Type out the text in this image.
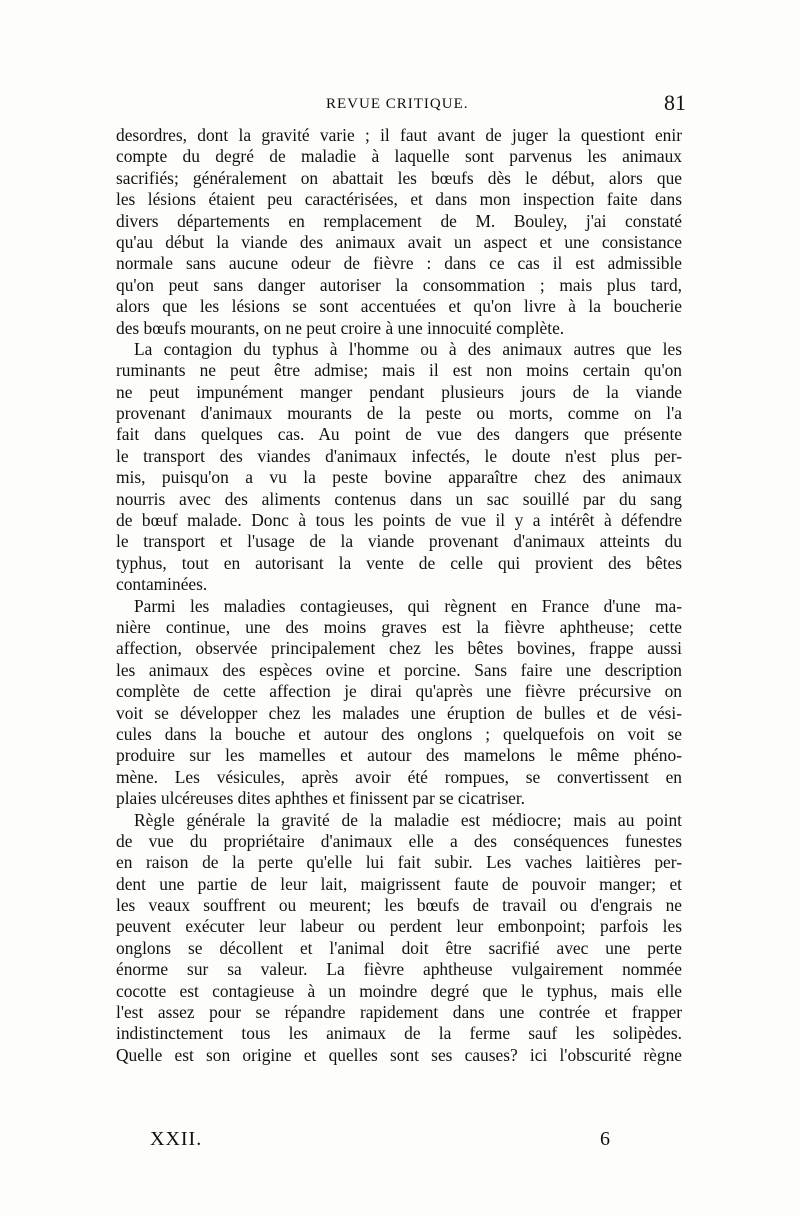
REVUE CRITIQUE.	81
desordres, dont la gravité varie ; il faut avant de juger la questiont enir
compte du degré de maladie à laquelle sont parvenus les animaux
sacrifiés; généralement on abattait les bœufs dès le début, alors que
les lésions étaient peu caractérisées, et dans mon inspection faite dans
divers départements en remplacement de M. Bouley, j'ai constaté
qu'au début la viande des animaux avait un aspect et une consistance
normale sans aucune odeur de fièvre : dans ce cas il est admissible
qu'on peut sans danger autoriser la consommation ; mais plus tard,
alors que les lésions se sont accentuées et qu'on livre à la boucherie
des bœufs mourants, on ne peut croire à une innocuité complète.
La contagion du typhus à l'homme ou à des animaux autres que les
ruminants ne peut être admise; mais il est non moins certain qu'on
ne peut impunément manger pendant plusieurs jours de la viande
provenant d'animaux mourants de la peste ou morts, comme on l'a
fait dans quelques cas. Au point de vue des dangers que présente
le transport des viandes d'animaux infectés, le doute n'est plus per-
mis, puisqu'on a vu la peste bovine apparaître chez des animaux
nourris avec des aliments contenus dans un sac souillé par du sang
de bœuf malade. Donc à tous les points de vue il y a intérêt à défendre
le transport et l'usage de la viande provenant d'animaux atteints du
typhus, tout en autorisant la vente de celle qui provient des bêtes
contaminées.
Parmi les maladies contagieuses, qui règnent en France d'une ma-
nière continue, une des moins graves est la fièvre aphtheuse; cette
affection, observée principalement chez les bêtes bovines, frappe aussi
les animaux des espèces ovine et porcine. Sans faire une description
complète de cette affection je dirai qu'après une fièvre précursive on
voit se développer chez les malades une éruption de bulles et de vési-
cules dans la bouche et autour des onglons ; quelquefois on voit se
produire sur les mamelles et autour des mamelons le même phéno-
mène. Les vésicules, après avoir été rompues, se convertissent en
plaies ulcéreuses dites aphthes et finissent par se cicatriser.
Règle générale la gravité de la maladie est médiocre; mais au point
de vue du propriétaire d'animaux elle a des conséquences funestes
en raison de la perte qu'elle lui fait subir. Les vaches laitières per-
dent une partie de leur lait, maigrissent faute de pouvoir manger; et
les veaux souffrent ou meurent; les bœufs de travail ou d'engrais ne
peuvent exécuter leur labeur ou perdent leur embonpoint; parfois les
onglons se décollent et l'animal doit être sacrifié avec une perte
énorme sur sa valeur. La fièvre aphtheuse vulgairement nommée
cocotte est contagieuse à un moindre degré que le typhus, mais elle
l'est assez pour se répandre rapidement dans une contrée et frapper
indistinctement tous les animaux de la ferme sauf les solipèdes.
Quelle est son origine et quelles sont ses causes? ici l'obscurité règne
XXII.	6
